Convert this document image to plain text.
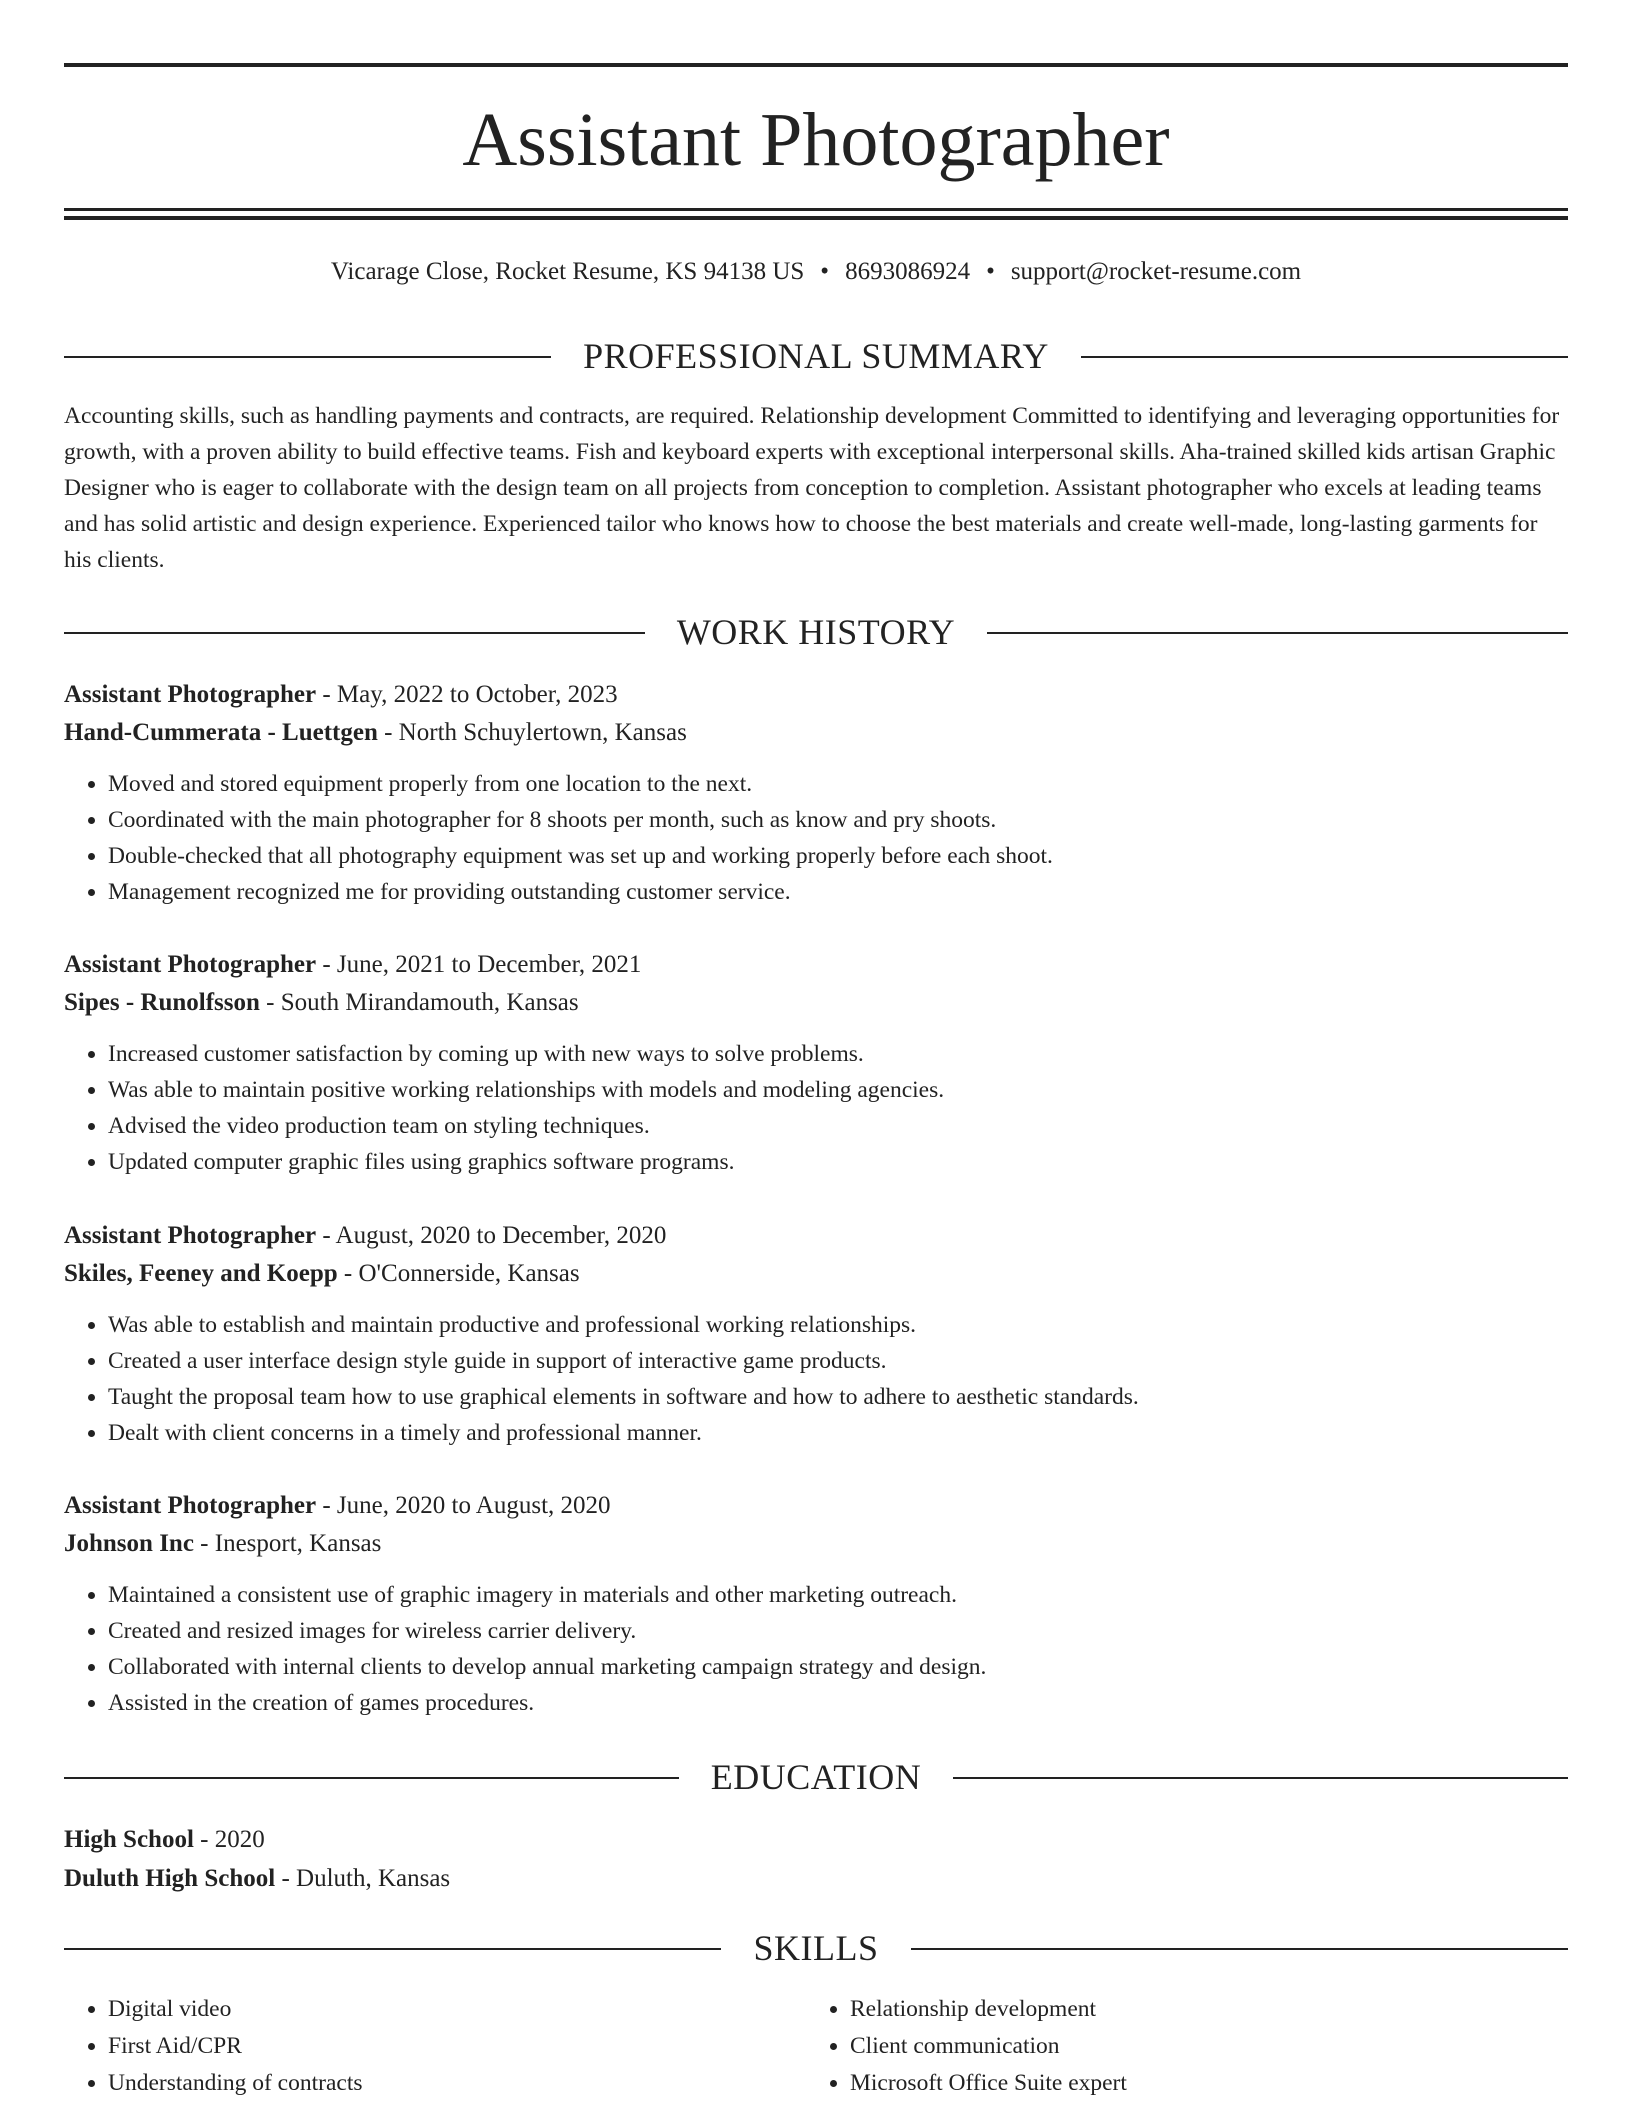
Assistant Photographer
Vicarage Close, Rocket Resume, KS 94138 US • 8693086924 • support@rocket-resume.com
PROFESSIONAL SUMMARY

Accounting skills, such as handling payments and contracts, are required. Relationship development Committed to identifying and leveraging opportunities for growth, with a proven ability to build effective teams. Fish and keyboard experts with exceptional interpersonal skills. Aha-trained skilled kids artisan Graphic Designer who is eager to collaborate with the design team on all projects from conception to completion. Assistant photographer who excels at leading teams and has solid artistic and design experience. Experienced tailor who knows how to choose the best materials and create well-made, long-lasting garments for his clients.

WORK HISTORY
Assistant Photographer - May, 2022 to October, 2023
Hand-Cummerata - Luettgen - North Schuylertown, Kansas
• Moved and stored equipment properly from one location to the next.
• Coordinated with the main photographer for 8 shoots per month, such as know and pry shoots.
• Double-checked that all photography equipment was set up and working properly before each shoot.
• Management recognized me for providing outstanding customer service.
Assistant Photographer - June, 2021 to December, 2021
Sipes - Runolfsson - South Mirandamouth, Kansas
• Increased customer satisfaction by coming up with new ways to solve problems.
• Was able to maintain positive working relationships with models and modeling agencies.
• Advised the video production team on styling techniques.
• Updated computer graphic files using graphics software programs.
Assistant Photographer - August, 2020 to December, 2020
Skiles, Feeney and Koepp - O'Connerside, Kansas
• Was able to establish and maintain productive and professional working relationships.
• Created a user interface design style guide in support of interactive game products.
• Taught the proposal team how to use graphical elements in software and how to adhere to aesthetic standards.
• Dealt with client concerns in a timely and professional manner.
Assistant Photographer - June, 2020 to August, 2020
Johnson Inc - Inesport, Kansas
• Maintained a consistent use of graphic imagery in materials and other marketing outreach.
• Created and resized images for wireless carrier delivery.
• Collaborated with internal clients to develop annual marketing campaign strategy and design.
• Assisted in the creation of games procedures.
EDUCATION
High School - 2020
Duluth High School - Duluth, Kansas
SKILLS
• Digital video
• First Aid/CPR
• Understanding of contracts
• Relationship development
• Client communication
• Microsoft Office Suite expert
